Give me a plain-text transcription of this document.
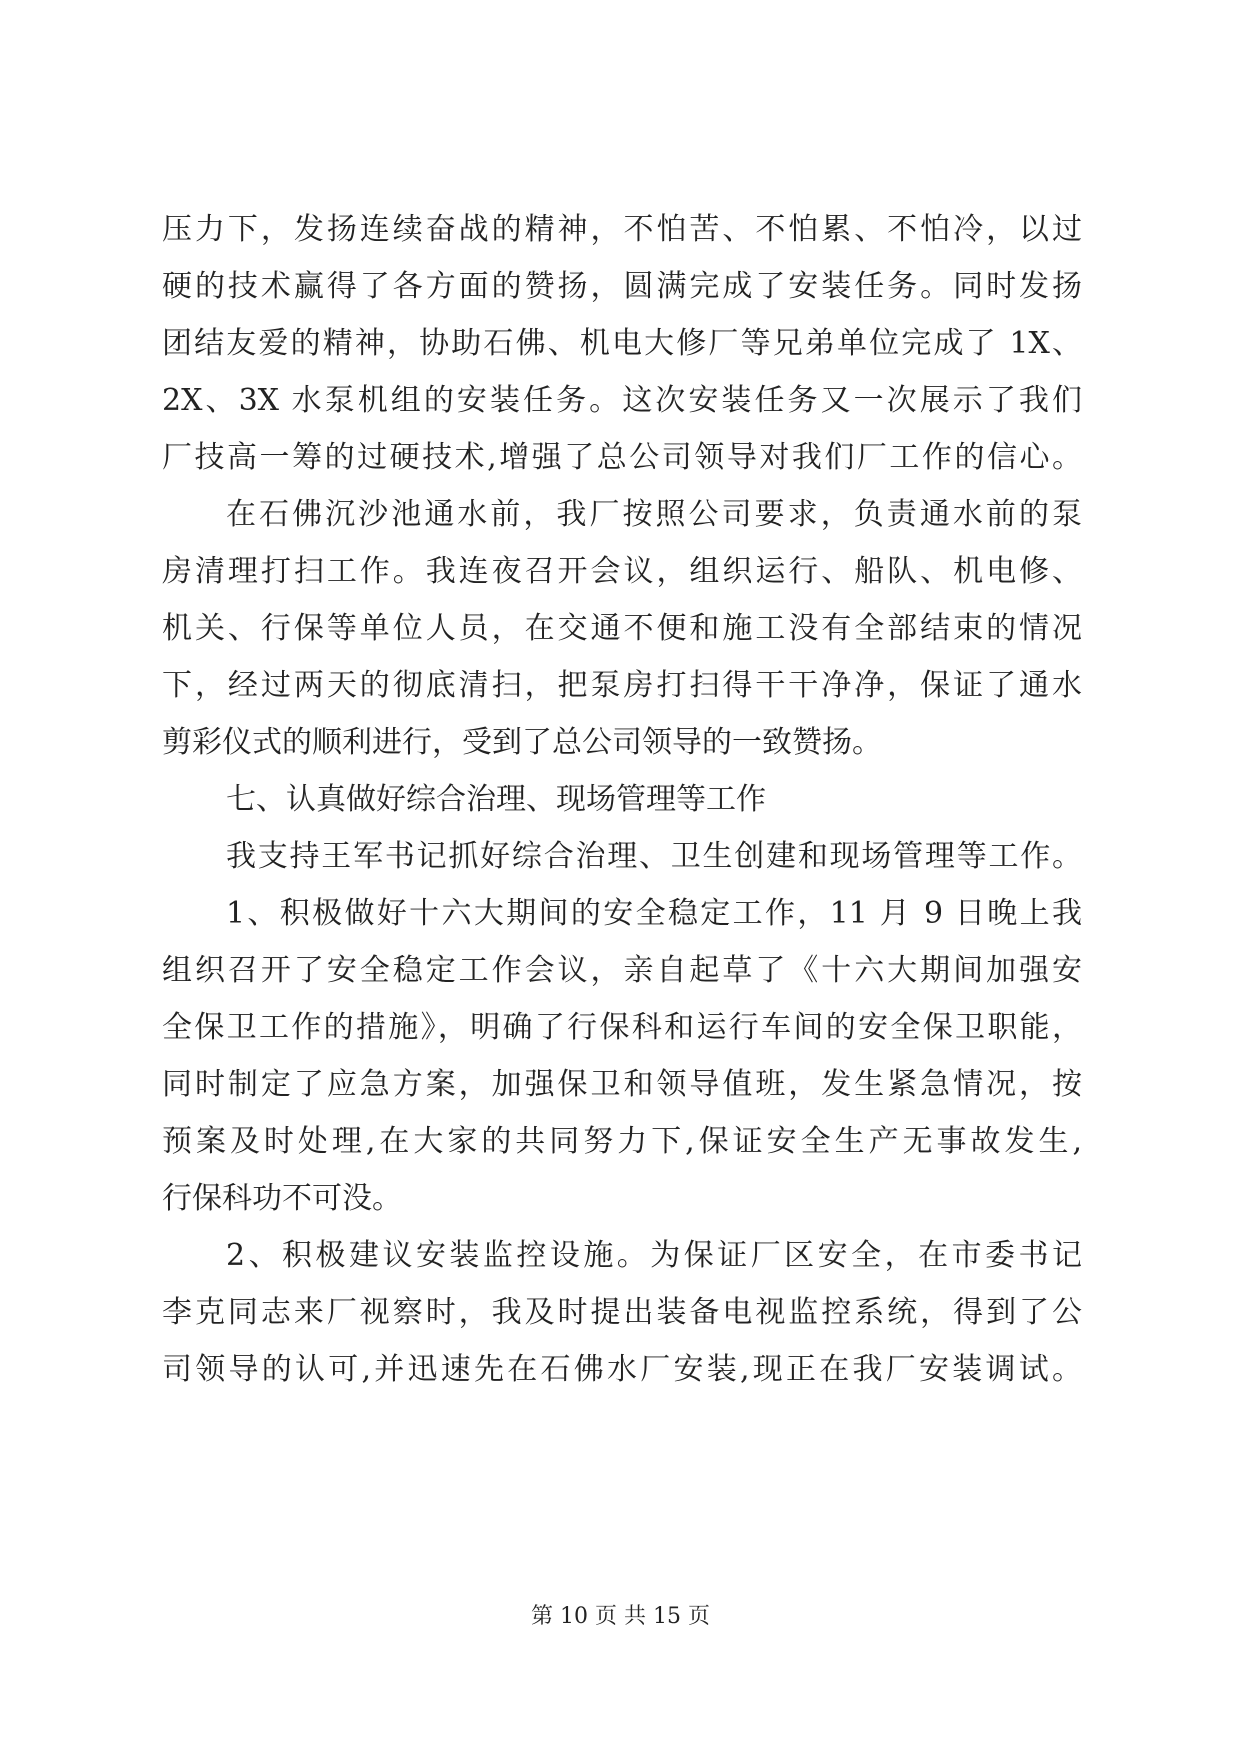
压力下，发扬连续奋战的精神，不怕苦、不怕累、不怕冷，以过
硬的技术赢得了各方面的赞扬，圆满完成了安装任务。同时发扬
团结友爱的精神，协助石佛、机电大修厂等兄弟单位完成了 1X、
2X、3X 水泵机组的安装任务。这次安装任务又一次展示了我们
厂技高一筹的过硬技术,增强了总公司领导对我们厂工作的信心。
在石佛沉沙池通水前，我厂按照公司要求，负责通水前的泵
房清理打扫工作。我连夜召开会议，组织运行、船队、机电修、
机关、行保等单位人员，在交通不便和施工没有全部结束的情况
下，经过两天的彻底清扫，把泵房打扫得干干净净，保证了通水
剪彩仪式的顺利进行，受到了总公司领导的一致赞扬。
七、认真做好综合治理、现场管理等工作
我支持王军书记抓好综合治理、卫生创建和现场管理等工作。
1、积极做好十六大期间的安全稳定工作，11 月 9 日晚上我
组织召开了安全稳定工作会议，亲自起草了《十六大期间加强安
全保卫工作的措施》，明确了行保科和运行车间的安全保卫职能，
同时制定了应急方案，加强保卫和领导值班，发生紧急情况，按
预案及时处理,在大家的共同努力下,保证安全生产无事故发生,
行保科功不可没。
2、积极建议安装监控设施。为保证厂区安全，在市委书记
李克同志来厂视察时，我及时提出装备电视监控系统，得到了公
司领导的认可,并迅速先在石佛水厂安装,现正在我厂安装调试。
第 10 页 共 15 页
